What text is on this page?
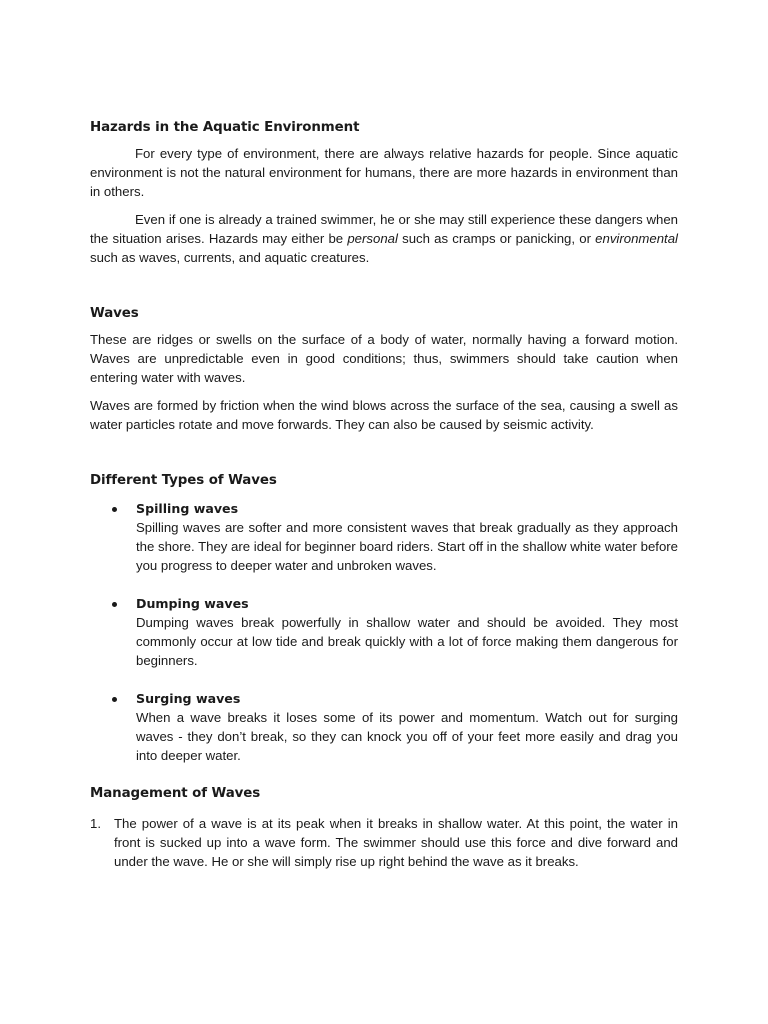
Hazards in the Aquatic Environment

For every type of environment, there are always relative hazards for people. Since aquatic environment is not the natural environment for humans, there are more hazards in environment than in others.

Even if one is already a trained swimmer, he or she may still experience these dangers when the situation arises. Hazards may either be personal such as cramps or panicking, or environmental such as waves, currents, and aquatic creatures.

Waves

These are ridges or swells on the surface of a body of water, normally having a forward motion. Waves are unpredictable even in good conditions; thus, swimmers should take caution when entering water with waves.

Waves are formed by friction when the wind blows across the surface of the sea, causing a swell as water particles rotate and move forwards. They can also be caused by seismic activity.

Different Types of Waves
Spilling waves

Spilling waves are softer and more consistent waves that break gradually as they approach the shore. They are ideal for beginner board riders. Start off in the shallow white water before you progress to deeper water and unbroken waves.

Dumping waves

Dumping waves break powerfully in shallow water and should be avoided. They most commonly occur at low tide and break quickly with a lot of force making them dangerous for beginners.

Surging waves

When a wave breaks it loses some of its power and momentum. Watch out for surging waves - they don’t break, so they can knock you off of your feet more easily and drag you into deeper water.

Management of Waves
1. The power of a wave is at its peak when it breaks in shallow water. At this point, the water in front is sucked up into a wave form. The swimmer should use this force and dive forward and under the wave. He or she will simply rise up right behind the wave as it breaks.
